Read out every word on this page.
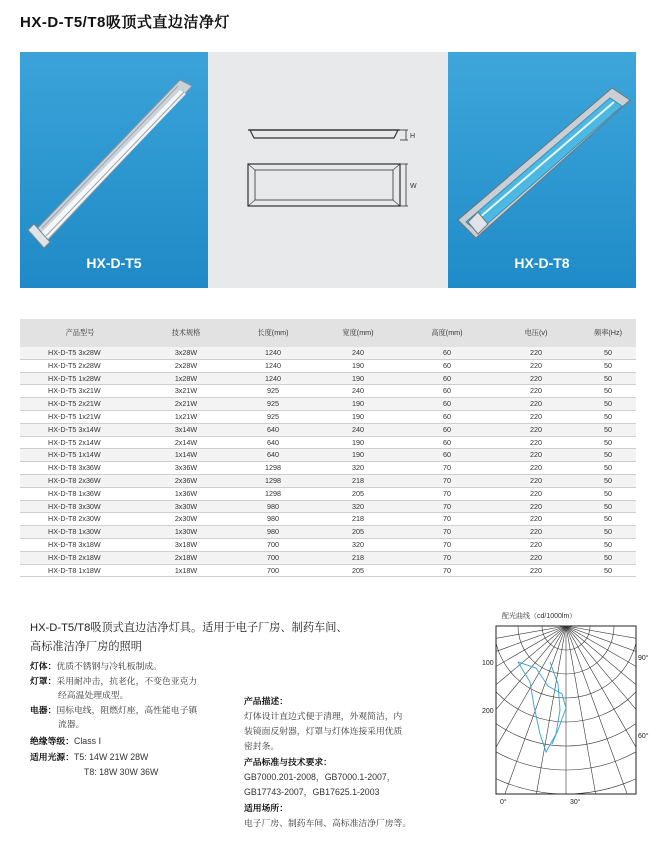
HX-D-T5/T8吸顶式直边洁净灯
HX-D-T5
H
W
HX-D-T8
产品型号	技术规格	长度(mm)	宽度(mm)	高度(mm)	电压(v)	频率(Hz)
HX-D-T5 3x28W	3x28W	1240	240	60	220	50
HX-D-T5 2x28W	2x28W	1240	190	60	220	50
HX-D-T5 1x28W	1x28W	1240	190	60	220	50
HX-D-T5 3x21W	3x21W	925	240	60	220	50
HX-D-T5 2x21W	2x21W	925	190	60	220	50
HX-D-T5 1x21W	1x21W	925	190	60	220	50
HX-D-T5 3x14W	3x14W	640	240	60	220	50
HX-D-T5 2x14W	2x14W	640	190	60	220	50
HX-D-T5 1x14W	1x14W	640	190	60	220	50
HX-D-T8 3x36W	3x36W	1298	320	70	220	50
HX-D-T8 2x36W	2x36W	1298	218	70	220	50
HX-D-T8 1x36W	1x36W	1298	205	70	220	50
HX-D-T8 3x30W	3x30W	980	320	70	220	50
HX-D-T8 2x30W	2x30W	980	218	70	220	50
HX-D-T8 1x30W	1x30W	980	205	70	220	50
HX-D-T8 3x18W	3x18W	700	320	70	220	50
HX-D-T8 2x18W	2x18W	700	218	70	220	50
HX-D-T8 1x18W	1x18W	700	205	70	220	50
HX-D-T5/T8吸顶式直边洁净灯具。适用于电子厂房、制药车间、
高标准洁净厂房的照明
灯体：优质不锈钢与冷轧板制成。
灯罩：采用耐冲击，抗老化，不变色亚克力
经高温处理成型。
电器：国标电线，阻燃灯座，高性能电子镇
流器。
绝缘等级：Class Ⅰ
适用光源：T5: 14W 21W 28W
T8: 18W 30W 36W
产品描述：
灯体设计直边式便于清理，外观简洁，内
装镜面反射器，灯罩与灯体连接采用优质
密封条。
产品标准与技术要求：
GB7000.201-2008，GB7000.1-2007，
GB17743-2007，GB17625.1-2003
适用场所：
电子厂房、制药车间、高标准洁净厂房等。
配光曲线（cd/1000lm）
100
200
90°
60°
0°	30°
